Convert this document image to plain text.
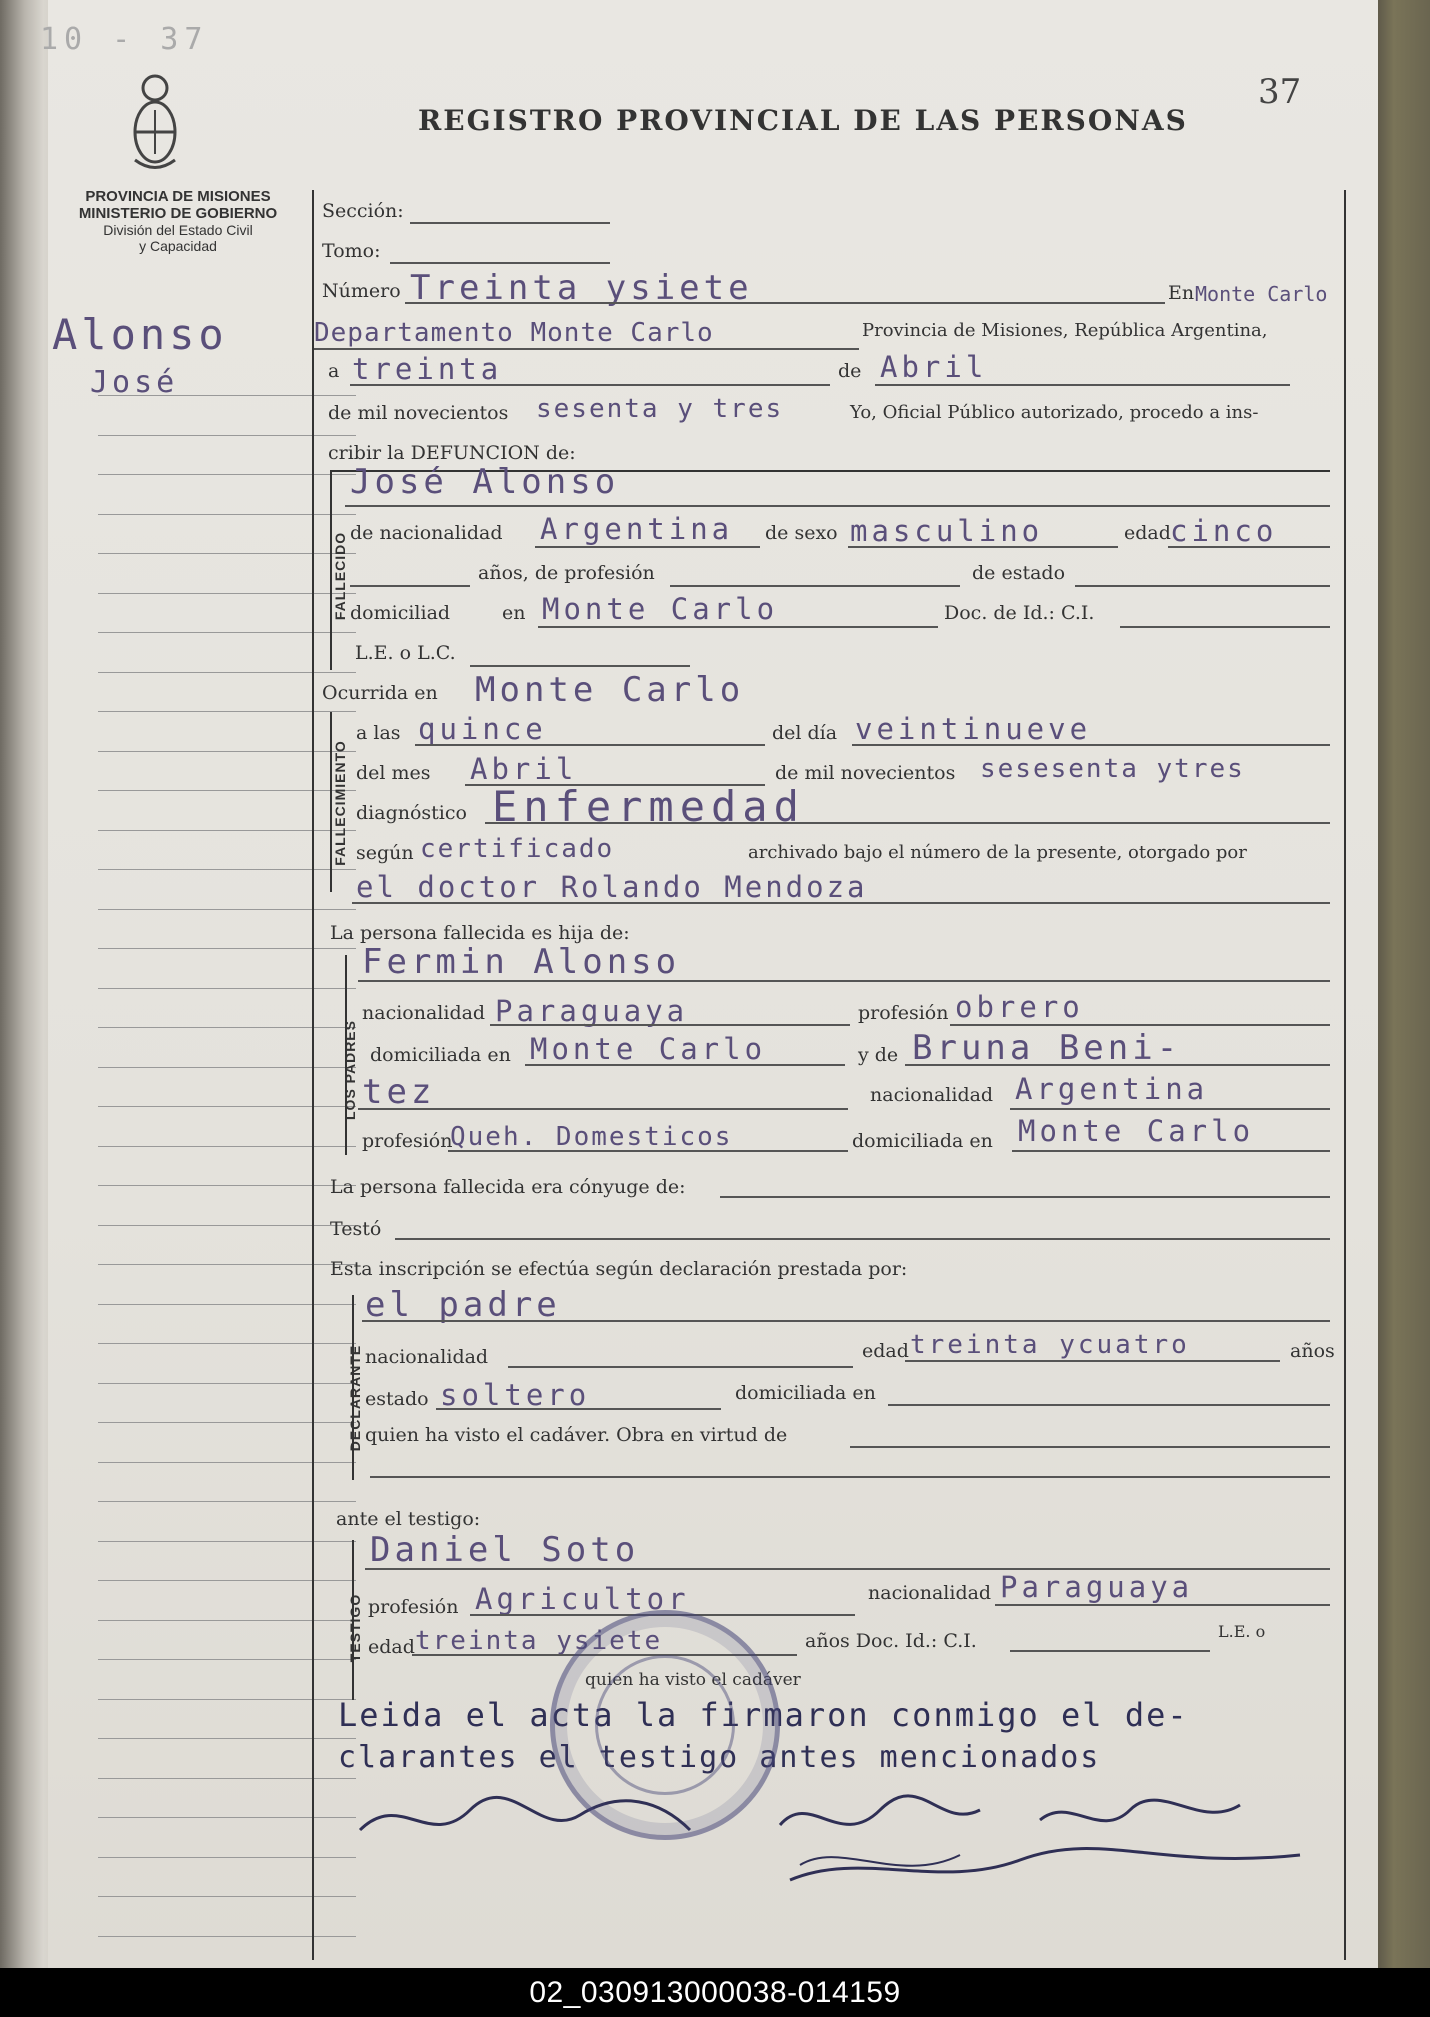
10 - 37
37
REGISTRO PROVINCIAL DE LAS PERSONAS
PROVINCIA DE MISIONES
MINISTERIO DE GOBIERNO
División del Estado Civil
y Capacidad
Alonso
José
Sección:
Tomo:
Número Treinta ysiete	En Monte Carlo
Departamento Monte Carlo	Provincia de Misiones, República Argentina,
a treinta	de Abril
de mil novecientos sesenta y tres	Yo, Oficial Público autorizado, procedo a ins-
cribir la DEFUNCION de:
FALLECIDO
José Alonso
de nacionalidad Argentina de sexo masculino	edad cinco
años, de profesión	de estado
domiciliad	en Monte Carlo	Doc. de Id.: C.I.
L.E. o L.C.
Ocurrida en Monte Carlo
FALLECIMIENTO
a las quince	del día veintinueve
del mes Abril	de mil novecientos sesesenta ytres
diagnóstico Enfermedad
según certificado	archivado bajo el número de la presente, otorgado por
el doctor Rolando Mendoza
La persona fallecida es hija de:
LOS PADRES
Fermin Alonso
nacionalidad Paraguaya	profesión obrero
domiciliada en Monte Carlo	y de Bruna Beni-
tez	nacionalidad Argentina
profesión
Queh. Domesticos	domiciliada en Monte Carlo
La persona fallecida era cónyuge de:
Testó
Esta inscripción se efectúa según declaración prestada por:
DECLARANTE
el padre
nacionalidad	edad treinta ycuatro	años
estado soltero	domiciliada en
quien ha visto el cadáver. Obra en virtud de
ante el testigo:
TESTIGO
Daniel Soto
profesión Agricultor	nacionalidad Paraguaya
edad treinta ysiete	años Doc. Id.: C.I.	L.E. o
quien ha visto el cadáver
Leida el acta la firmaron conmigo el de-
clarantes el testigo antes mencionados
02_030913000038-014159
